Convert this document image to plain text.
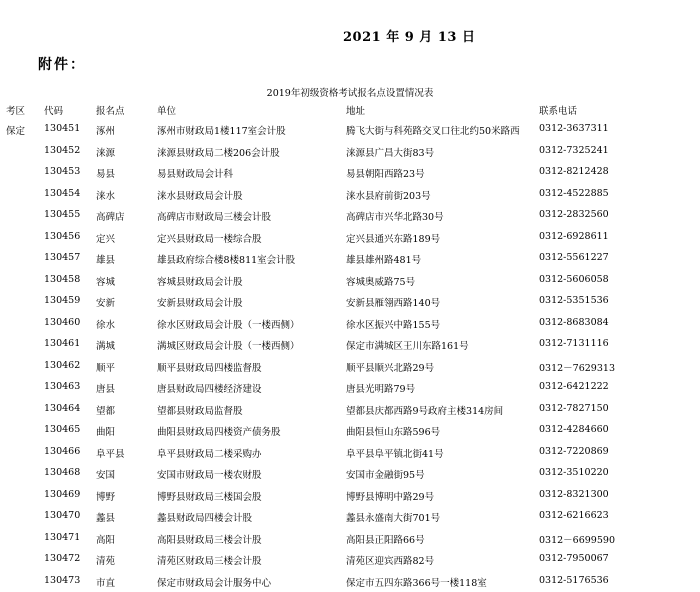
2021 年 9 月 13 日
附件：
2019年初级资格考试报名点设置情况表
考区 代码	报名点	单位	地址	联系电话
保定 130451 涿州	涿州市财政局1楼117室会计股	腾飞大街与科苑路交叉口往北约50米路西 0312-3637311
130452 涞源	涞源县财政局二楼206会计股	涞源县广昌大街83号	0312-7325241
130453 易县	易县财政局会计科	易县朝阳西路23号	0312-8212428
130454 涞水	涞水县财政局会计股	涞水县府前街203号	0312-4522885
130455 高碑店	高碑店市财政局三楼会计股	高碑店市兴华北路30号	0312-2832560
130456 定兴	定兴县财政局一楼综合股	定兴县通兴东路189号	0312-6928611
130457 雄县	雄县政府综合楼8楼811室会计股	雄县雄州路481号	0312-5561227
130458 容城	容城县财政局会计股	容城奥威路75号	0312-5606058
130459 安新	安新县财政局会计股	安新县雁翎西路140号	0312-5351536
130460 徐水	徐水区财政局会计股（一楼西侧）	徐水区振兴中路155号	0312-8683084
130461 满城	满城区财政局会计股（一楼西侧）	保定市满城区王川东路161号	0312-7131116
130462 顺平	顺平县财政局四楼监督股	顺平县顺兴北路29号	0312－7629313
130463 唐县	唐县财政局四楼经济建设	唐县光明路79号	0312-6421222
130464 望都	望都县财政局监督股	望都县庆都西路9号政府主楼314房间	0312-7827150
130465 曲阳	曲阳县财政局四楼资产债务股	曲阳县恒山东路596号	0312-4284660
130466 阜平县	阜平县财政局二楼采购办	阜平县阜平镇北街41号	0312-7220869
130468 安国	安国市财政局一楼农财股	安国市金融街95号	0312-3510220
130469 博野	博野县财政局三楼国会股	博野县博明中路29号	0312-8321300
130470 蠡县	蠡县财政局四楼会计股	蠡县永盛南大街701号	0312-6216623
130471 高阳	高阳县财政局三楼会计股	高阳县正阳路66号	0312－6699590
130472 清苑	清苑区财政局三楼会计股	清苑区迎宾西路82号	0312-7950067
130473 市直	保定市财政局会计服务中心	保定市五四东路366号一楼118室	0312-5176536
